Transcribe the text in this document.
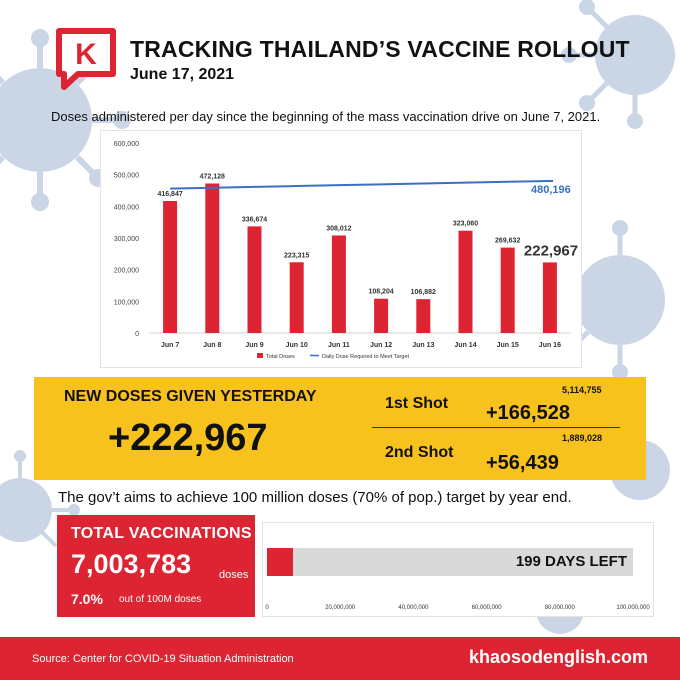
K TRACKING THAILAND’S VACCINE ROLLOUT
June 17, 2021
Doses administered per day since the beginning of the mass vaccination drive on June 7, 2021.
0
100,000
200,000
300,000
400,000
500,000
600,000
416,847
Jun 7
472,128
Jun 8
336,674
Jun 9
223,315
Jun 10
308,012
Jun 11
108,204
Jun 12
106,882
Jun 13
323,060
Jun 14
269,632
Jun 15
222,967
Jun 16
480,196
Total Doses	Daily Dose Required to Meet Target
NEW DOSES GIVEN YESTERDAY
+222,967
5,114,755
1st Shot +166,528
1,889,028
2nd Shot +56,439
The gov’t aims to achieve 100 million doses (70% of pop.) target by year end.
TOTAL VACCINATIONS
7,003,783	doses
7.0% out of 100M doses
199 DAYS LEFT
0	20,000,000	40,000,000	60,000,000	80,000,000	100,000,000
Source: Center for COVID-19 Situation Administration	khaosodenglish.com
